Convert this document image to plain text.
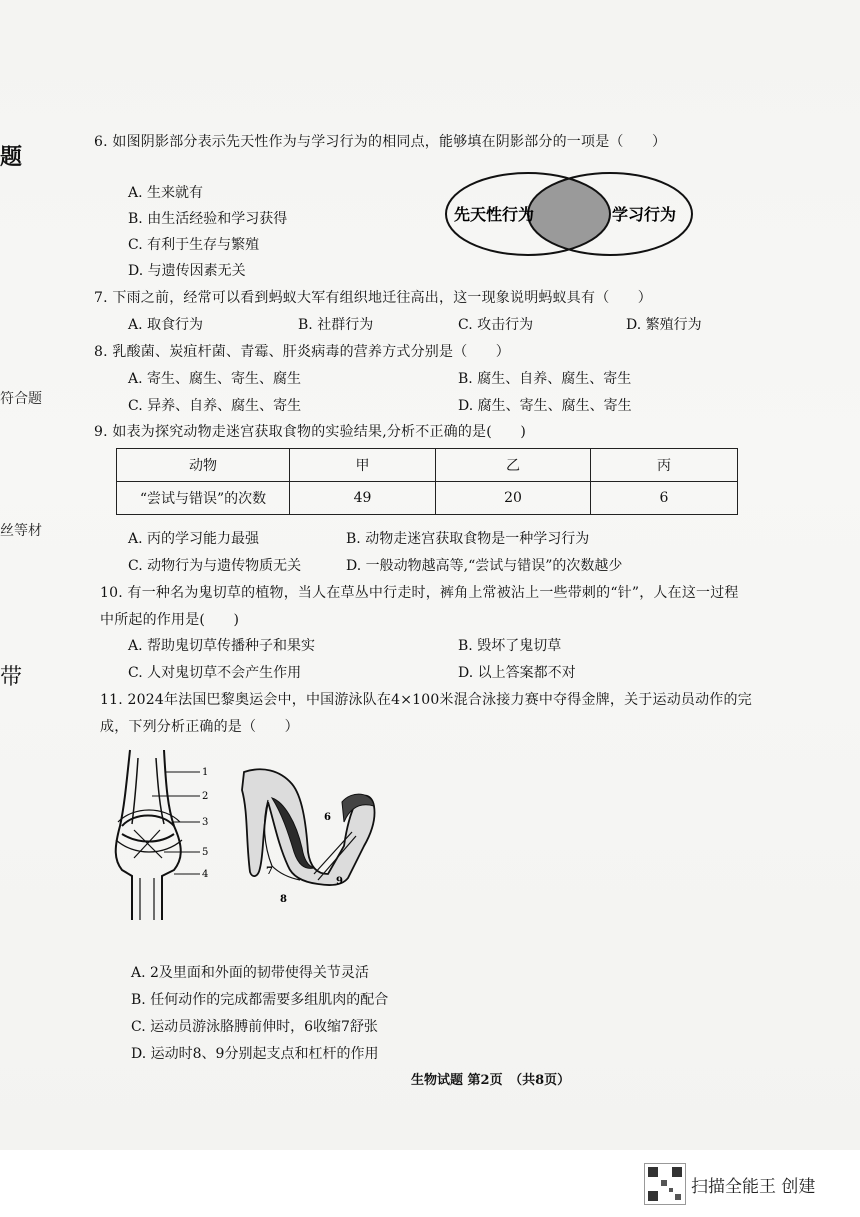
题
符合题
丝等材
带
6. 如图阴影部分表示先天性作为与学习行为的相同点，能够填在阴影部分的一项是（　　）
A. 生来就有
B. 由生活经验和学习获得
C. 有利于生存与繁殖
D. 与遗传因素无关
先天性行为	学习行为
7. 下雨之前，经常可以看到蚂蚁大军有组织地迁往高出，这一现象说明蚂蚁具有（　　）
A. 取食行为	B. 社群行为	C. 攻击行为	D. 繁殖行为
8. 乳酸菌、炭疽杆菌、青霉、肝炎病毒的营养方式分别是（　　）
A. 寄生、腐生、寄生、腐生	B. 腐生、自养、腐生、寄生
C. 异养、自养、腐生、寄生	D. 腐生、寄生、腐生、寄生
9. 如表为探究动物走迷宫获取食物的实验结果,分析不正确的是(　　)
动物	甲	乙	丙
“尝试与错误”的次数	49	20	6
A. 丙的学习能力最强	B. 动物走迷宫获取食物是一种学习行为
C. 动物行为与遗传物质无关	D. 一般动物越高等,“尝试与错误”的次数越少
10. 有一种名为鬼切草的植物，当人在草丛中行走时，裤角上常被沾上一些带刺的“针”，人在这一过程
中所起的作用是(　　)
A. 帮助鬼切草传播种子和果实	B. 毁坏了鬼切草
C. 人对鬼切草不会产生作用	D. 以上答案都不对
11. 2024年法国巴黎奥运会中，中国游泳队在4×100米混合泳接力赛中夺得金牌，关于运动员动作的完
成，下列分析正确的是（　　）
1
2
3
5
4
6
7
8
9
A. 2及里面和外面的韧带使得关节灵活
B. 任何动作的完成都需要多组肌肉的配合
C. 运动员游泳胳膊前伸时，6收缩7舒张
D. 运动时8、9分别起支点和杠杆的作用
生物试题 第2页　（共8页）
扫描全能王 创建
